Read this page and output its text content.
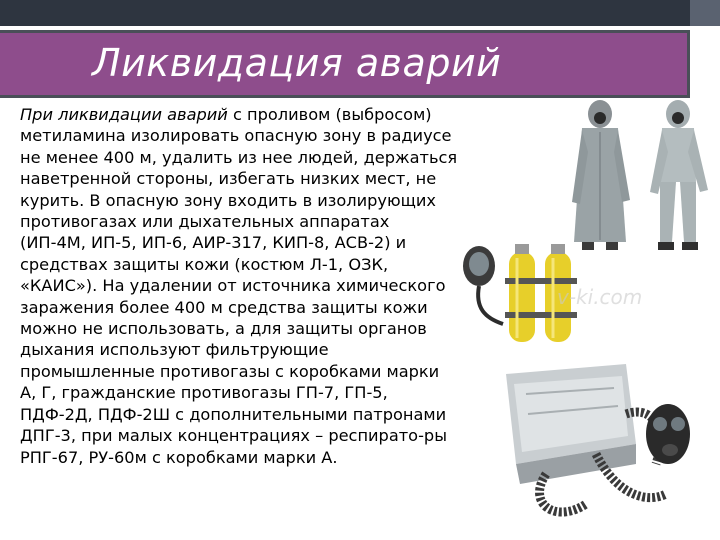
Ликвидация аварий

При ликвидации аварий с проливом (выбросом) метиламина изолировать опасную зону в радиусе не менее 400 м, удалить из нее людей, держаться наветренной стороны, избегать низких мест, не курить. В опасную зону входить в изолирующих противогазах или дыхательных аппаратах (ИП-4М, ИП-5, ИП-6, АИР-317, КИП-8, АСВ-2) и средствах защиты кожи (костюм Л-1, ОЗК, «КАИС»). На удалении от источника химического заражения более 400 м средства защиты кожи можно не использовать, а для защиты органов дыхания используют фильтрующие промышленные противогазы с коробками марки А, Г, гражданские противогазы ГП-7, ГП-5, ПДФ-2Д, ПДФ-2Ш с дополнительными патронами ДПГ-3, при малых концентрациях – респирато-ры РПГ-67, РУ-60м с коробками марки А.

v-ki.com
